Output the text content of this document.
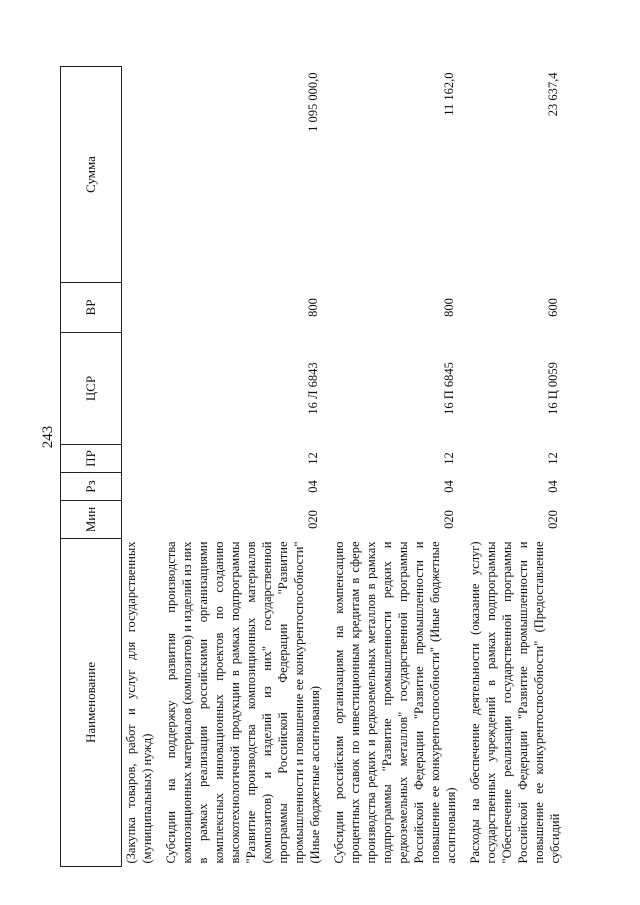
243
Наименование	Мин	Рз	ПР	ЦСР	ВР	Сумма
(Закупка товаров, работ и услуг для государственных (муниципальных) нужд)						
Субсидии на поддержку развития производства композиционных материалов (композитов) и изделий из них в рамках реализации российскими организациями комплексных инновационных проектов по созданию высокотехнологичной продукции в рамках подпрограммы "Развитие производства композиционных материалов (композитов) и изделий из них" государственной программы Российской Федерации "Развитие промышленности и повышение ее конкурентоспособности" (Иные бюджетные ассигнования)	020	04	12	16 Л 6843	800	1 095 000,0
Субсидии российским организациям на компенсацию процентных ставок по инвестиционным кредитам в сфере производства редких и редкоземельных металлов в рамках подпрограммы "Развитие промышленности редких и редкоземельных металлов" государственной программы Российской Федерации "Развитие промышленности и повышение ее конкурентоспособности" (Иные бюджетные ассигнования)	020	04	12	16 П 6845	800	11 162,0
Расходы на обеспечение деятельности (оказание услуг) государственных учреждений в рамках подпрограммы "Обеспечение реализации государственной программы Российской Федерации "Развитие промышленности и повышение ее конкурентоспособности" (Предоставление субсидий	020	04	12	16 Ц 0059	600	23 637,4
